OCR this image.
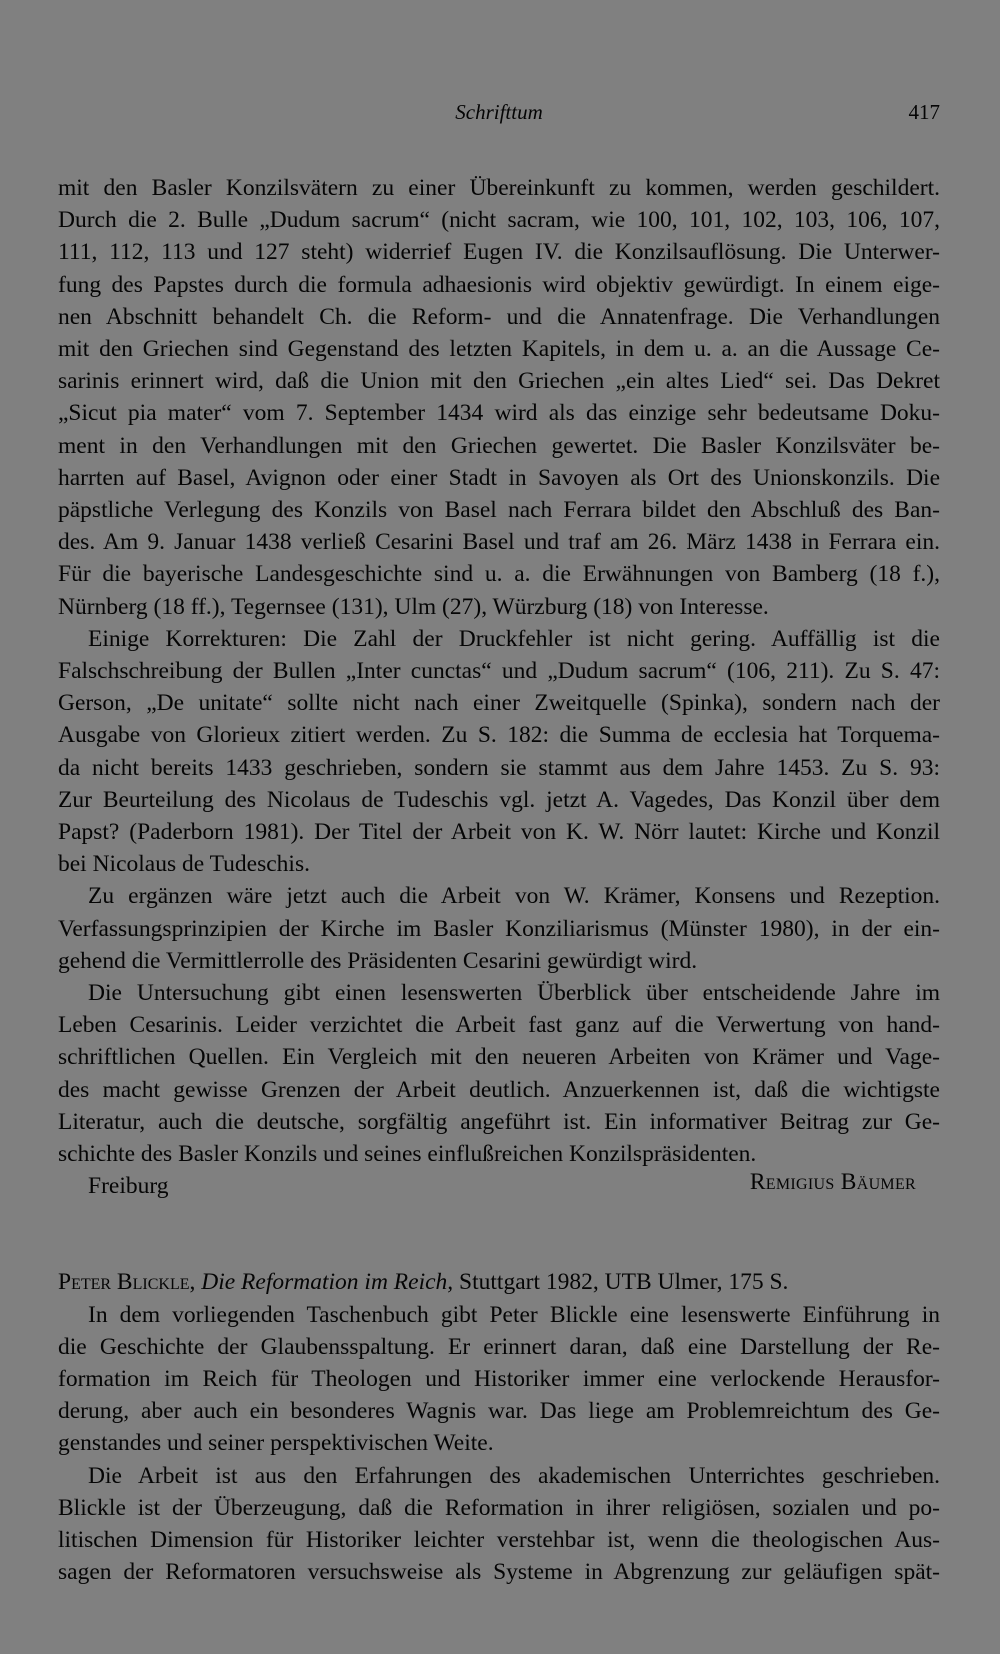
Schrifttum	417
mit den Basler Konzilsvätern zu einer Übereinkunft zu kommen, werden geschildert.
Durch die 2. Bulle „Dudum sacrum“ (nicht sacram, wie 100, 101, 102, 103, 106, 107,
111, 112, 113 und 127 steht) widerrief Eugen IV. die Konzilsauflösung. Die Unterwer-
fung des Papstes durch die formula adhaesionis wird objektiv gewürdigt. In einem eige-
nen Abschnitt behandelt Ch. die Reform- und die Annatenfrage. Die Verhandlungen
mit den Griechen sind Gegenstand des letzten Kapitels, in dem u. a. an die Aussage Ce-
sarinis erinnert wird, daß die Union mit den Griechen „ein altes Lied“ sei. Das Dekret
„Sicut pia mater“ vom 7. September 1434 wird als das einzige sehr bedeutsame Doku-
ment in den Verhandlungen mit den Griechen gewertet. Die Basler Konzilsväter be-
harrten auf Basel, Avignon oder einer Stadt in Savoyen als Ort des Unionskonzils. Die
päpstliche Verlegung des Konzils von Basel nach Ferrara bildet den Abschluß des Ban-
des. Am 9. Januar 1438 verließ Cesarini Basel und traf am 26. März 1438 in Ferrara ein.
Für die bayerische Landesgeschichte sind u. a. die Erwähnungen von Bamberg (18 f.),
Nürnberg (18 ff.), Tegernsee (131), Ulm (27), Würzburg (18) von Interesse.
Einige Korrekturen: Die Zahl der Druckfehler ist nicht gering. Auffällig ist die
Falschschreibung der Bullen „Inter cunctas“ und „Dudum sacrum“ (106, 211). Zu S. 47:
Gerson, „De unitate“ sollte nicht nach einer Zweitquelle (Spinka), sondern nach der
Ausgabe von Glorieux zitiert werden. Zu S. 182: die Summa de ecclesia hat Torquema-
da nicht bereits 1433 geschrieben, sondern sie stammt aus dem Jahre 1453. Zu S. 93:
Zur Beurteilung des Nicolaus de Tudeschis vgl. jetzt A. Vagedes, Das Konzil über dem
Papst? (Paderborn 1981). Der Titel der Arbeit von K. W. Nörr lautet: Kirche und Konzil
bei Nicolaus de Tudeschis.
Zu ergänzen wäre jetzt auch die Arbeit von W. Krämer, Konsens und Rezeption.
Verfassungsprinzipien der Kirche im Basler Konziliarismus (Münster 1980), in der ein-
gehend die Vermittlerrolle des Präsidenten Cesarini gewürdigt wird.
Die Untersuchung gibt einen lesenswerten Überblick über entscheidende Jahre im
Leben Cesarinis. Leider verzichtet die Arbeit fast ganz auf die Verwertung von hand-
schriftlichen Quellen. Ein Vergleich mit den neueren Arbeiten von Krämer und Vage-
des macht gewisse Grenzen der Arbeit deutlich. Anzuerkennen ist, daß die wichtigste
Literatur, auch die deutsche, sorgfältig angeführt ist. Ein informativer Beitrag zur Ge-
schichte des Basler Konzils und seines einflußreichen Konzilspräsidenten.
Freiburg	Remigius Bäumer
Peter Blickle, Die Reformation im Reich, Stuttgart 1982, UTB Ulmer, 175 S.
In dem vorliegenden Taschenbuch gibt Peter Blickle eine lesenswerte Einführung in
die Geschichte der Glaubensspaltung. Er erinnert daran, daß eine Darstellung der Re-
formation im Reich für Theologen und Historiker immer eine verlockende Herausfor-
derung, aber auch ein besonderes Wagnis war. Das liege am Problemreichtum des Ge-
genstandes und seiner perspektivischen Weite.
Die Arbeit ist aus den Erfahrungen des akademischen Unterrichtes geschrieben.
Blickle ist der Überzeugung, daß die Reformation in ihrer religiösen, sozialen und po-
litischen Dimension für Historiker leichter verstehbar ist, wenn die theologischen Aus-
sagen der Reformatoren versuchsweise als Systeme in Abgrenzung zur geläufigen spät-
